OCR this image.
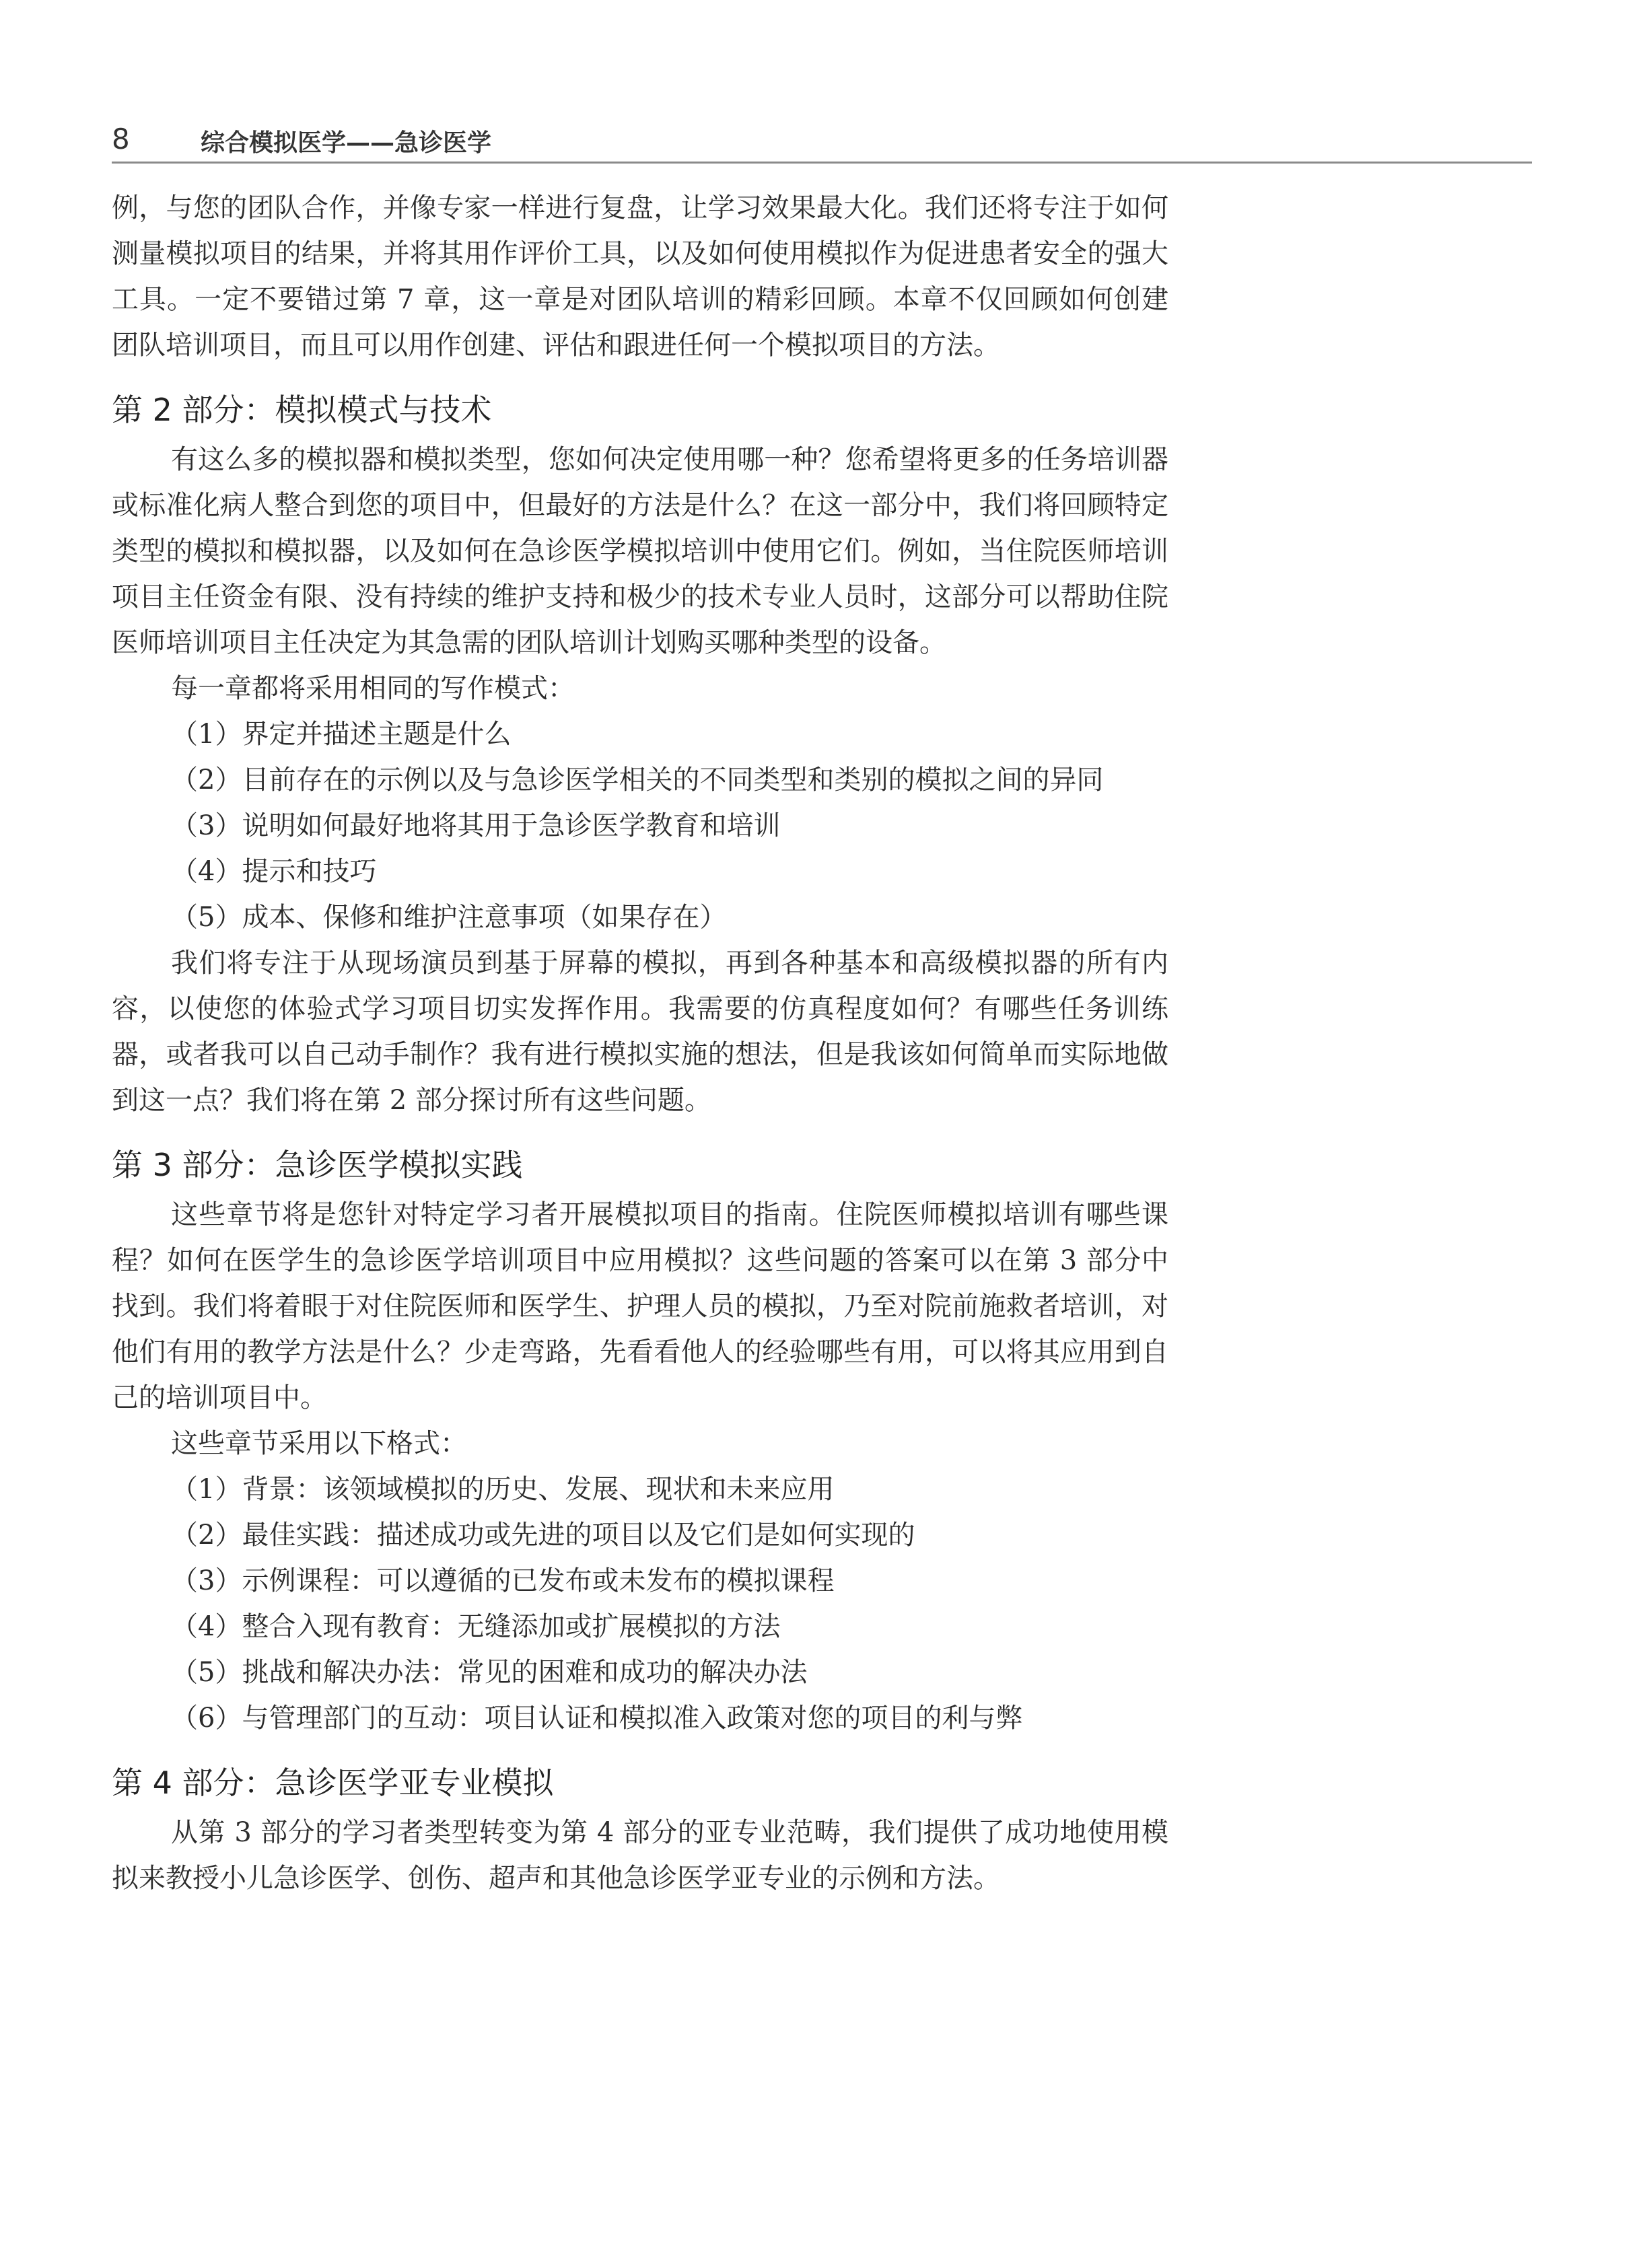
8	综合模拟医学——急诊医学

例，与您的团队合作，并像专家一样进行复盘，让学习效果最大化。我们还将专注于如何测量模拟项目的结果，并将其用作评价工具，以及如何使用模拟作为促进患者安全的强大工具。一定不要错过第 7 章，这一章是对团队培训的精彩回顾。本章不仅回顾如何创建团队培训项目，而且可以用作创建、评估和跟进任何一个模拟项目的方法。

第 2 部分：模拟模式与技术

有这么多的模拟器和模拟类型，您如何决定使用哪一种？您希望将更多的任务培训器或标准化病人整合到您的项目中，但最好的方法是什么？在这一部分中，我们将回顾特定类型的模拟和模拟器，以及如何在急诊医学模拟培训中使用它们。例如，当住院医师培训项目主任资金有限、没有持续的维护支持和极少的技术专业人员时，这部分可以帮助住院医师培训项目主任决定为其急需的团队培训计划购买哪种类型的设备。

每一章都将采用相同的写作模式：

（1）界定并描述主题是什么

（2）目前存在的示例以及与急诊医学相关的不同类型和类别的模拟之间的异同

（3）说明如何最好地将其用于急诊医学教育和培训

（4）提示和技巧

（5）成本、保修和维护注意事项（如果存在）

我们将专注于从现场演员到基于屏幕的模拟，再到各种基本和高级模拟器的所有内容，以使您的体验式学习项目切实发挥作用。我需要的仿真程度如何？有哪些任务训练器，或者我可以自己动手制作？我有进行模拟实施的想法，但是我该如何简单而实际地做到这一点？我们将在第 2 部分探讨所有这些问题。

第 3 部分：急诊医学模拟实践

这些章节将是您针对特定学习者开展模拟项目的指南。住院医师模拟培训有哪些课程？如何在医学生的急诊医学培训项目中应用模拟？这些问题的答案可以在第 3 部分中找到。我们将着眼于对住院医师和医学生、护理人员的模拟，乃至对院前施救者培训，对他们有用的教学方法是什么？少走弯路，先看看他人的经验哪些有用，可以将其应用到自己的培训项目中。

这些章节采用以下格式：

（1）背景：该领域模拟的历史、发展、现状和未来应用

（2）最佳实践：描述成功或先进的项目以及它们是如何实现的

（3）示例课程：可以遵循的已发布或未发布的模拟课程

（4）整合入现有教育：无缝添加或扩展模拟的方法

（5）挑战和解决办法：常见的困难和成功的解决办法

（6）与管理部门的互动：项目认证和模拟准入政策对您的项目的利与弊

第 4 部分：急诊医学亚专业模拟

从第 3 部分的学习者类型转变为第 4 部分的亚专业范畴，我们提供了成功地使用模拟来教授小儿急诊医学、创伤、超声和其他急诊医学亚专业的示例和方法。
